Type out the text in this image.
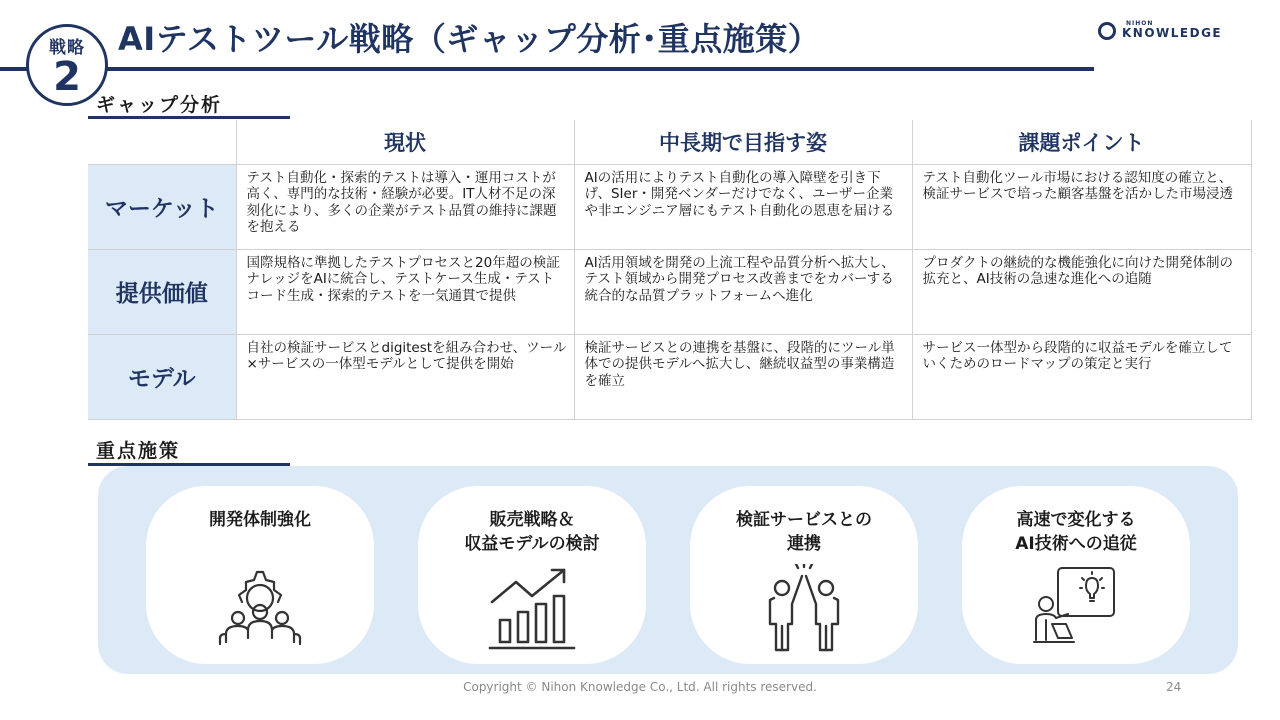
戦略
2
AIテストツール戦略（ギャップ分析･重点施策）	NIHON
KNOWLEDGE
ギャップ分析
	現状	中長期で目指す姿	課題ポイント
マーケット	テスト自動化・探索的テストは導入・運用コストが高く、専門的な技術・経験が必要。IT人材不足の深刻化により、多くの企業がテスト品質の維持に課題を抱える	AIの活用によりテスト自動化の導入障壁を引き下げ、SIer・開発ベンダーだけでなく、ユーザー企業や非エンジニア層にもテスト自動化の恩恵を届ける	テスト自動化ツール市場における認知度の確立と、検証サービスで培った顧客基盤を活かした市場浸透
提供価値	国際規格に準拠したテストプロセスと20年超の検証ナレッジをAIに統合し、テストケース生成・テストコード生成・探索的テストを一気通貫で提供	AI活用領域を開発の上流工程や品質分析へ拡大し、テスト領域から開発プロセス改善までをカバーする統合的な品質プラットフォームへ進化	プロダクトの継続的な機能強化に向けた開発体制の拡充と、AI技術の急速な進化への追随
モデル	自社の検証サービスとdigitestを組み合わせ、ツール×サービスの一体型モデルとして提供を開始	検証サービスとの連携を基盤に、段階的にツール単体での提供モデルへ拡大し、継続収益型の事業構造を確立	サービス一体型から段階的に収益モデルを確立していくためのロードマップの策定と実行
重点施策
開発体制強化	販売戦略＆
収益モデルの検討
検証サービスとの
連携
高速で変化する
AI技術への追従
Copyright © Nihon Knowledge Co., Ltd. All rights reserved.	24
